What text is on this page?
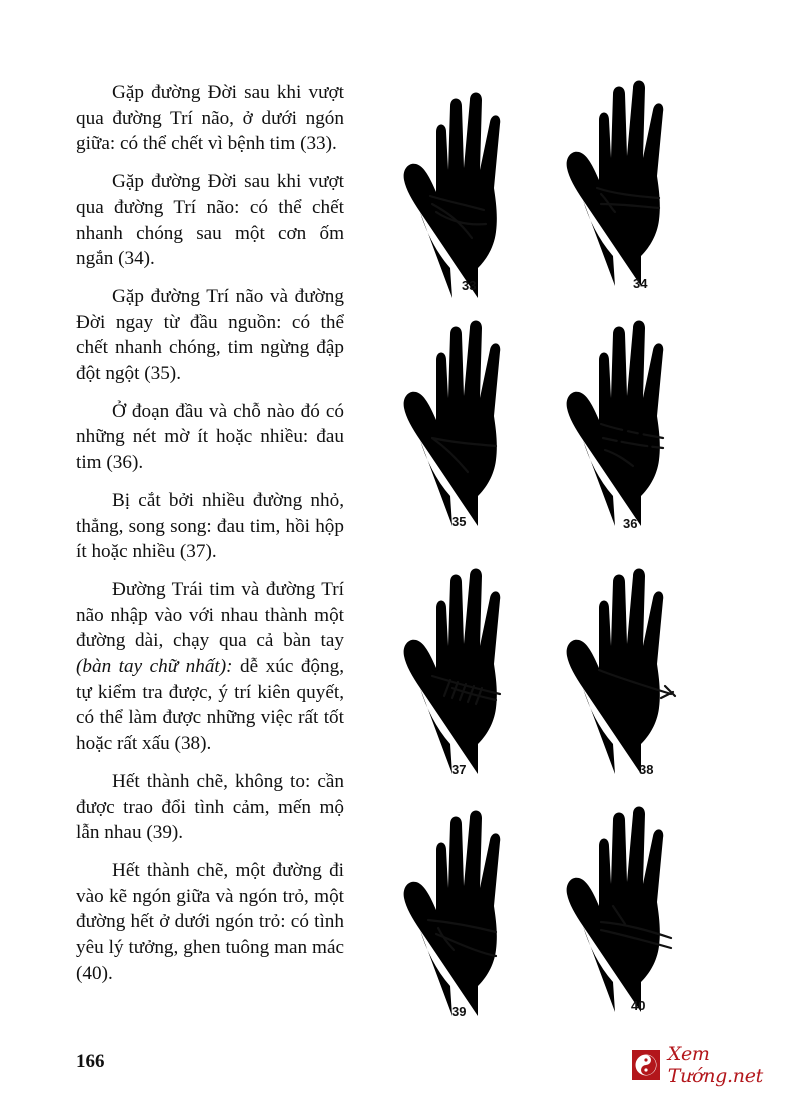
Gặp đường Đời sau khi vượt qua đường Trí não, ở dưới ngón giữa: có thể chết vì bệnh tim (33).

Gặp đường Đời sau khi vượt qua đường Trí não: có thể chết nhanh chóng sau một cơn ốm ngắn (34).

Gặp đường Trí não và đường Đời ngay từ đầu nguồn: có thể chết nhanh chóng, tim ngừng đập đột ngột (35).

Ở đoạn đầu và chỗ nào đó có những nét mờ ít hoặc nhiều: đau tim (36).

Bị cắt bởi nhiều đường nhỏ, thẳng, song song: đau tim, hồi hộp ít hoặc nhiều (37).

Đường Trái tim và đường Trí não nhập vào với nhau thành một đường dài, chạy qua cả bàn tay (bàn tay chữ nhất): dễ xúc động, tự kiểm tra được, ý trí kiên quyết, có thể làm được những việc rất tốt hoặc rất xấu (38).

Hết thành chẽ, không to: cần được trao đổi tình cảm, mến mộ lẫn nhau (39).

Hết thành chẽ, một đường đi vào kẽ ngón giữa và ngón trỏ, một đường hết ở dưới ngón trỏ: có tình yêu lý tưởng, ghen tuông man mác (40).

33	34
35	36
37	38
39	40
166	Xem Tướng.net
